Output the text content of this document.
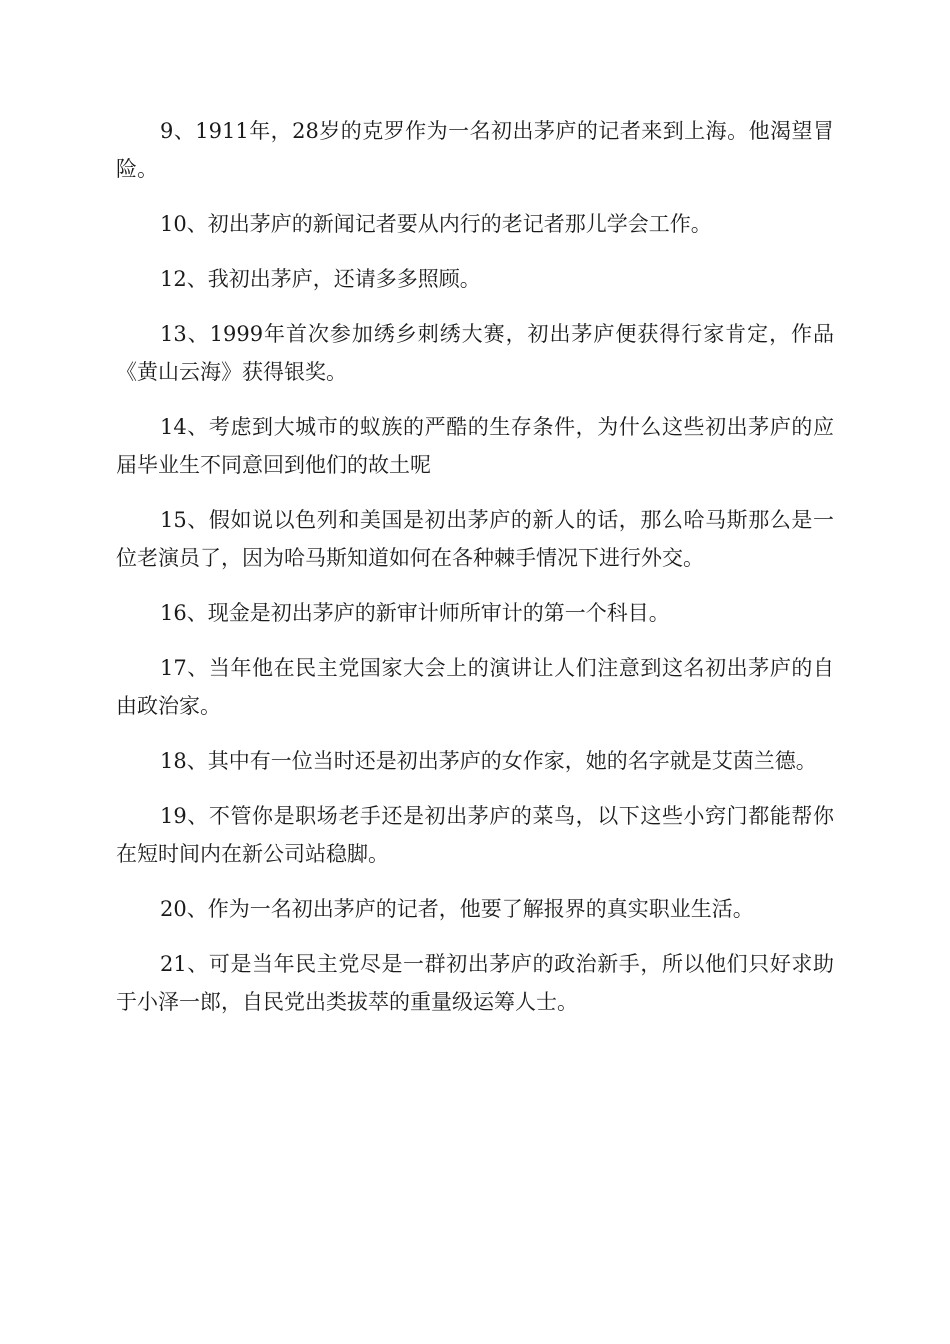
9、1911年，28岁的克罗作为一名初出茅庐的记者来到上海。他渴望冒险。

10、初出茅庐的新闻记者要从内行的老记者那儿学会工作。

12、我初出茅庐，还请多多照顾。

13、1999年首次参加绣乡刺绣大赛，初出茅庐便获得行家肯定，作品《黄山云海》获得银奖。

14、考虑到大城市的蚁族的严酷的生存条件，为什么这些初出茅庐的应届毕业生不同意回到他们的故土呢

15、假如说以色列和美国是初出茅庐的新人的话，那么哈马斯那么是一位老演员了，因为哈马斯知道如何在各种棘手情况下进行外交。

16、现金是初出茅庐的新审计师所审计的第一个科目。

17、当年他在民主党国家大会上的演讲让人们注意到这名初出茅庐的自由政治家。

18、其中有一位当时还是初出茅庐的女作家，她的名字就是艾茵兰德。

19、不管你是职场老手还是初出茅庐的菜鸟，以下这些小窍门都能帮你在短时间内在新公司站稳脚。

20、作为一名初出茅庐的记者，他要了解报界的真实职业生活。

21、可是当年民主党尽是一群初出茅庐的政治新手，所以他们只好求助于小泽一郎，自民党出类拔萃的重量级运筹人士。
